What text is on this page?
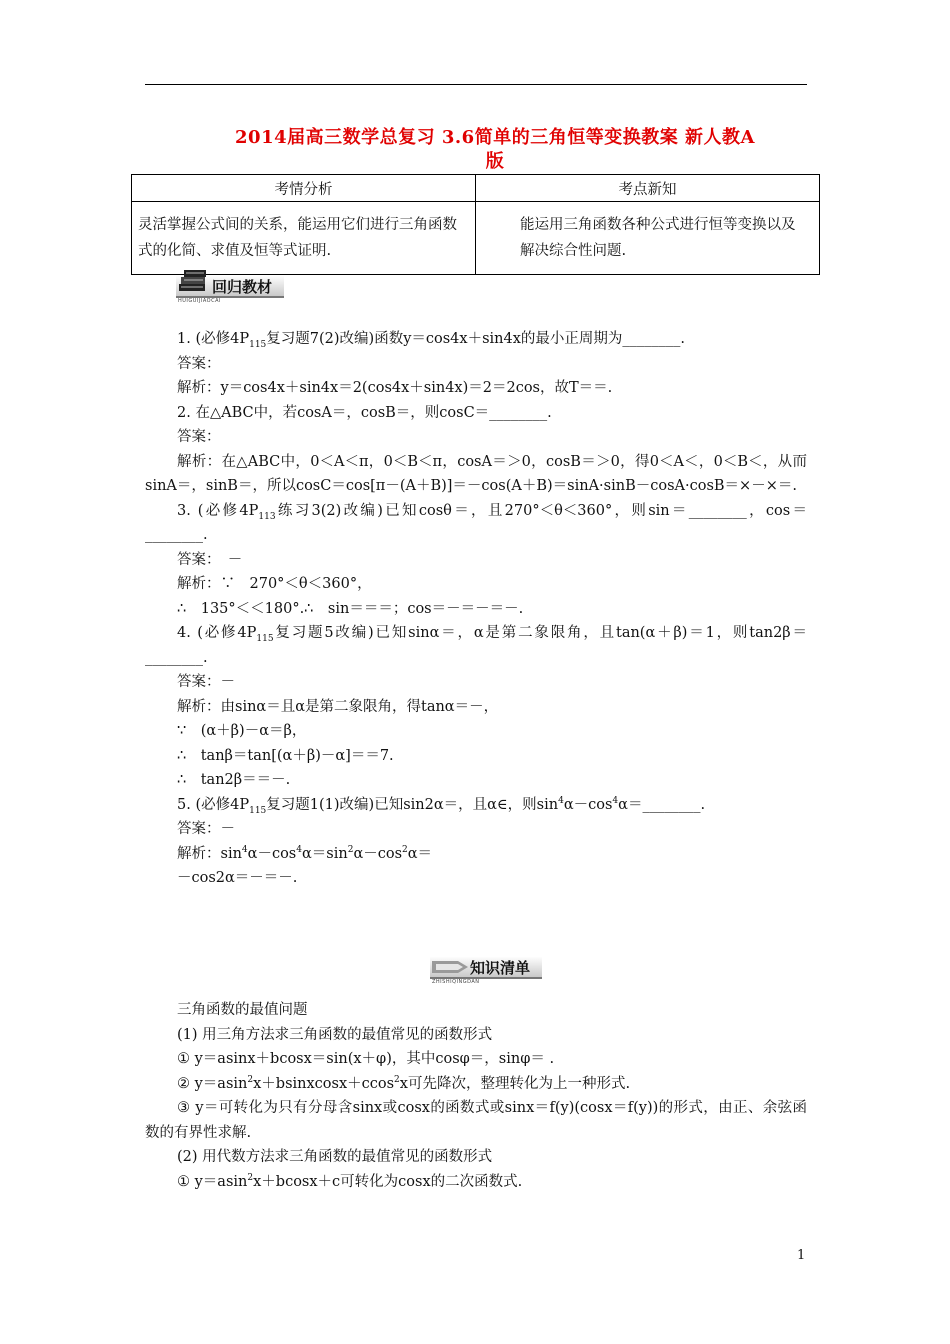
2014届高三数学总复习 3.6简单的三角恒等变换教案 新人教A
版
考情分析	考点新知
灵活掌握公式间的关系，能运用它们进行三角函数式的化简、求值及恒等式证明.	能运用三角函数各种公式进行恒等变换以及解决综合性问题.
回归教材
HUIGUIJIAOCAI

1. (必修$4P_{115}$复习题7(2)改编)函数y＝cos4x＋sin4x的最小正周期为________.

答案：

解析：y＝cos4x＋sin4x＝2(cos4x＋sin4x)＝2＝2cos，故T＝＝.

2. 在△ABC中，若cosA＝，cosB＝，则cosC＝________.

答案：

解析：在△ABC中，0＜A＜π，0＜B＜π，cosA＝＞0，cosB＝＞0，得0＜A＜，0＜B＜，从而sinA＝，sinB＝，所以cosC＝cos[π－(A＋B)]＝－cos(A＋B)＝sinA·sinB－cosA·cosB＝×－×＝.

3. (必修$4P_{113}$练习3(2)改编)已知cosθ＝，且270°＜θ＜360°，则sin＝________，cos＝________.

答案：　－

解析：∵　270°＜θ＜360°，

∴　135°＜＜180°.∴　sin＝＝＝；cos＝－＝－＝－.

4. (必修$4P_{115}$复习题5改编)已知sinα＝，α是第二象限角，且tan(α＋β)＝1，则tan2β＝________.

答案：－

解析：由sinα＝且α是第二象限角，得tanα＝－，

∵　(α＋β)－α＝β，

∴　tanβ＝tan[(α＋β)－α]＝＝7.

∴　tan2β＝＝－.

5. (必修$4P_{115}$复习题1(1)改编)已知sin2α＝，且α∈，则$\sin^4\alpha-\cos^4\alpha=\_\_\_\_\_\_\_\_$.

答案：－

解析：$\sin^4\alpha-\cos^4\alpha=\sin^2\alpha-\cos^2\alpha=$

－cos2α＝－＝－.

知识清单
ZHISHIQINGDAN

三角函数的最值问题

(1) 用三角方法求三角函数的最值常见的函数形式

① y＝asinx＋bcosx＝sin(x＋φ)，其中cosφ＝，sinφ＝ .

② y＝asin$^2$x＋bsinxcosx＋ccos$^2$x可先降次，整理转化为上一种形式.

③ y＝可转化为只有分母含sinx或cosx的函数式或sinx＝f(y)(cosx＝f(y))的形式，由正、余弦函数的有界性求解.

(2) 用代数方法求三角函数的最值常见的函数形式

① y＝asin$^2$x＋bcosx＋c可转化为cosx的二次函数式.

1
